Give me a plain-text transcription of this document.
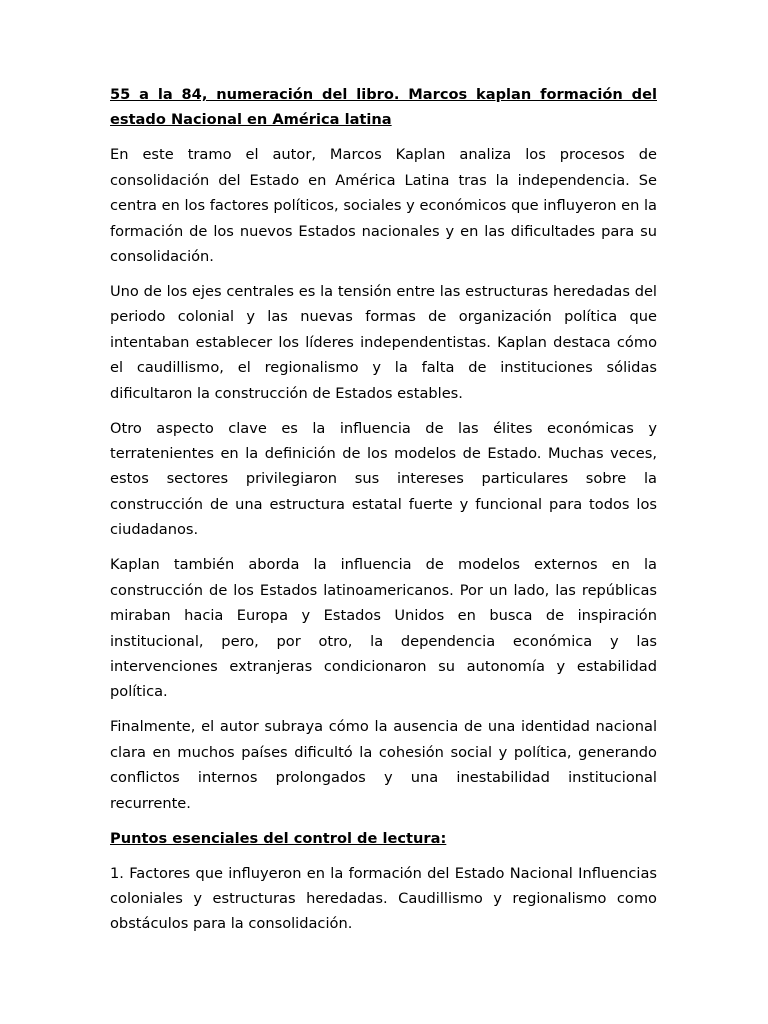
55 a la 84, numeración del libro. Marcos kaplan formación del estado Nacional en América latina

En este tramo el autor, Marcos Kaplan analiza los procesos de consolidación del Estado en América Latina tras la independencia. Se centra en los factores políticos, sociales y económicos que influyeron en la formación de los nuevos Estados nacionales y en las dificultades para su consolidación.

Uno de los ejes centrales es la tensión entre las estructuras heredadas del periodo colonial y las nuevas formas de organización política que intentaban establecer los líderes independentistas. Kaplan destaca cómo el caudillismo, el regionalismo y la falta de instituciones sólidas dificultaron la construcción de Estados estables.

Otro aspecto clave es la influencia de las élites económicas y terratenientes en la definición de los modelos de Estado. Muchas veces, estos sectores privilegiaron sus intereses particulares sobre la construcción de una estructura estatal fuerte y funcional para todos los ciudadanos.

Kaplan también aborda la influencia de modelos externos en la construcción de los Estados latinoamericanos. Por un lado, las repúblicas miraban hacia Europa y Estados Unidos en busca de inspiración institucional, pero, por otro, la dependencia económica y las intervenciones extranjeras condicionaron su autonomía y estabilidad política.

Finalmente, el autor subraya cómo la ausencia de una identidad nacional clara en muchos países dificultó la cohesión social y política, generando conflictos internos prolongados y una inestabilidad institucional recurrente.

Puntos esenciales del control de lectura:

1. Factores que influyeron en la formación del Estado Nacional Influencias coloniales y estructuras heredadas. Caudillismo y regionalismo como obstáculos para la consolidación.
